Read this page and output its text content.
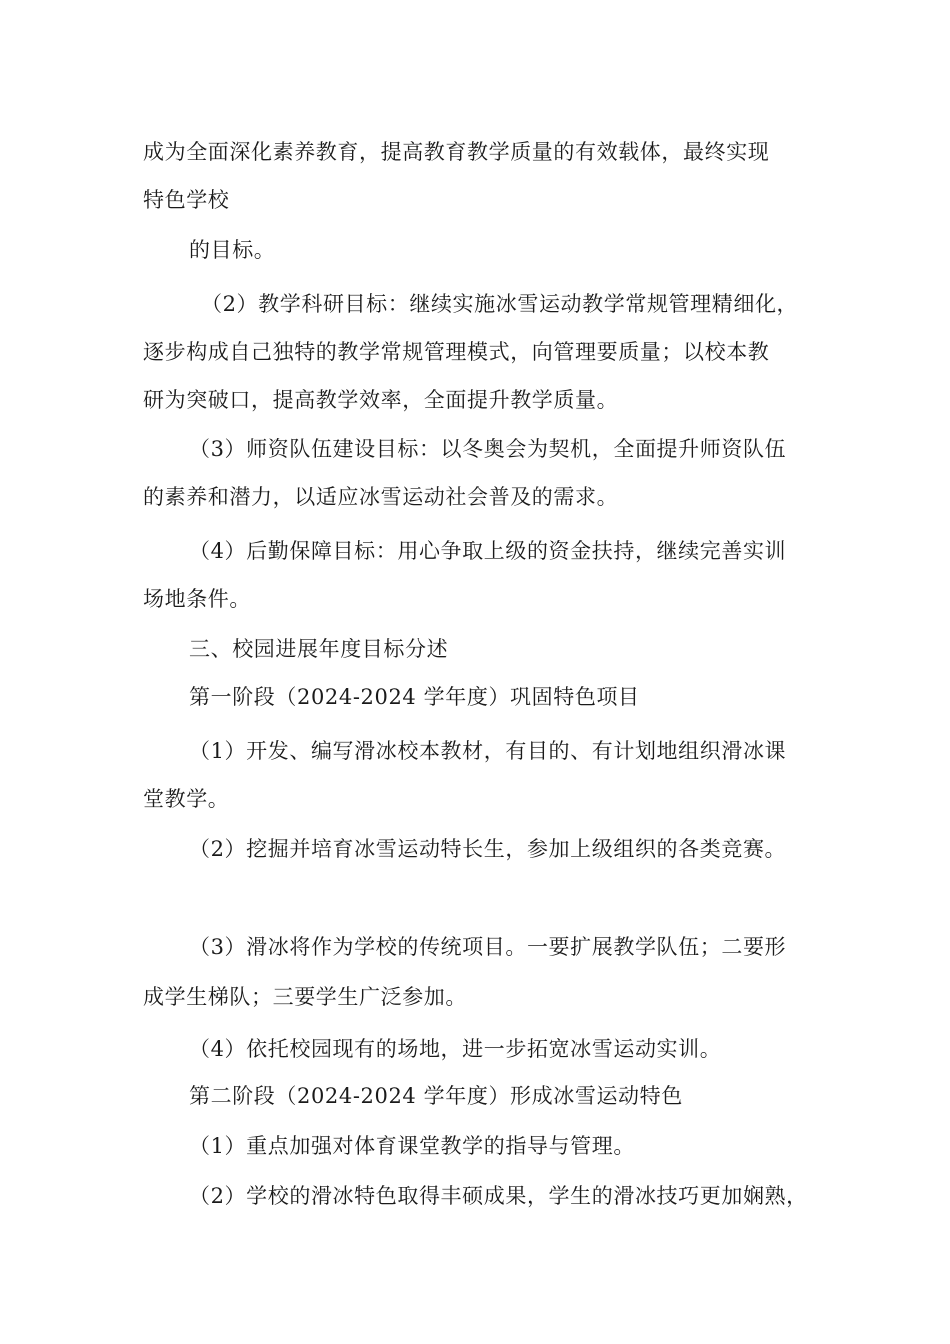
成为全面深化素养教育，提高教育教学质量的有效载体，最终实现
特色学校
的目标。
（2）教学科研目标：继续实施冰雪运动教学常规管理精细化，
逐步构成自己独特的教学常规管理模式，向管理要质量；以校本教
研为突破口，提高教学效率，全面提升教学质量。
（3）师资队伍建设目标：以冬奥会为契机，全面提升师资队伍
的素养和潜力，以适应冰雪运动社会普及的需求。
（4）后勤保障目标：用心争取上级的资金扶持，继续完善实训
场地条件。
三、校园进展年度目标分述
第一阶段（2024-2024 学年度）巩固特色项目
（1）开发、编写滑冰校本教材，有目的、有计划地组织滑冰课
堂教学。
（2）挖掘并培育冰雪运动特长生，参加上级组织的各类竞赛。
（3）滑冰将作为学校的传统项目。一要扩展教学队伍；二要形
成学生梯队；三要学生广泛参加。
（4）依托校园现有的场地，进一步拓宽冰雪运动实训。
第二阶段（2024-2024 学年度）形成冰雪运动特色
（1）重点加强对体育课堂教学的指导与管理。
（2）学校的滑冰特色取得丰硕成果，学生的滑冰技巧更加娴熟，
